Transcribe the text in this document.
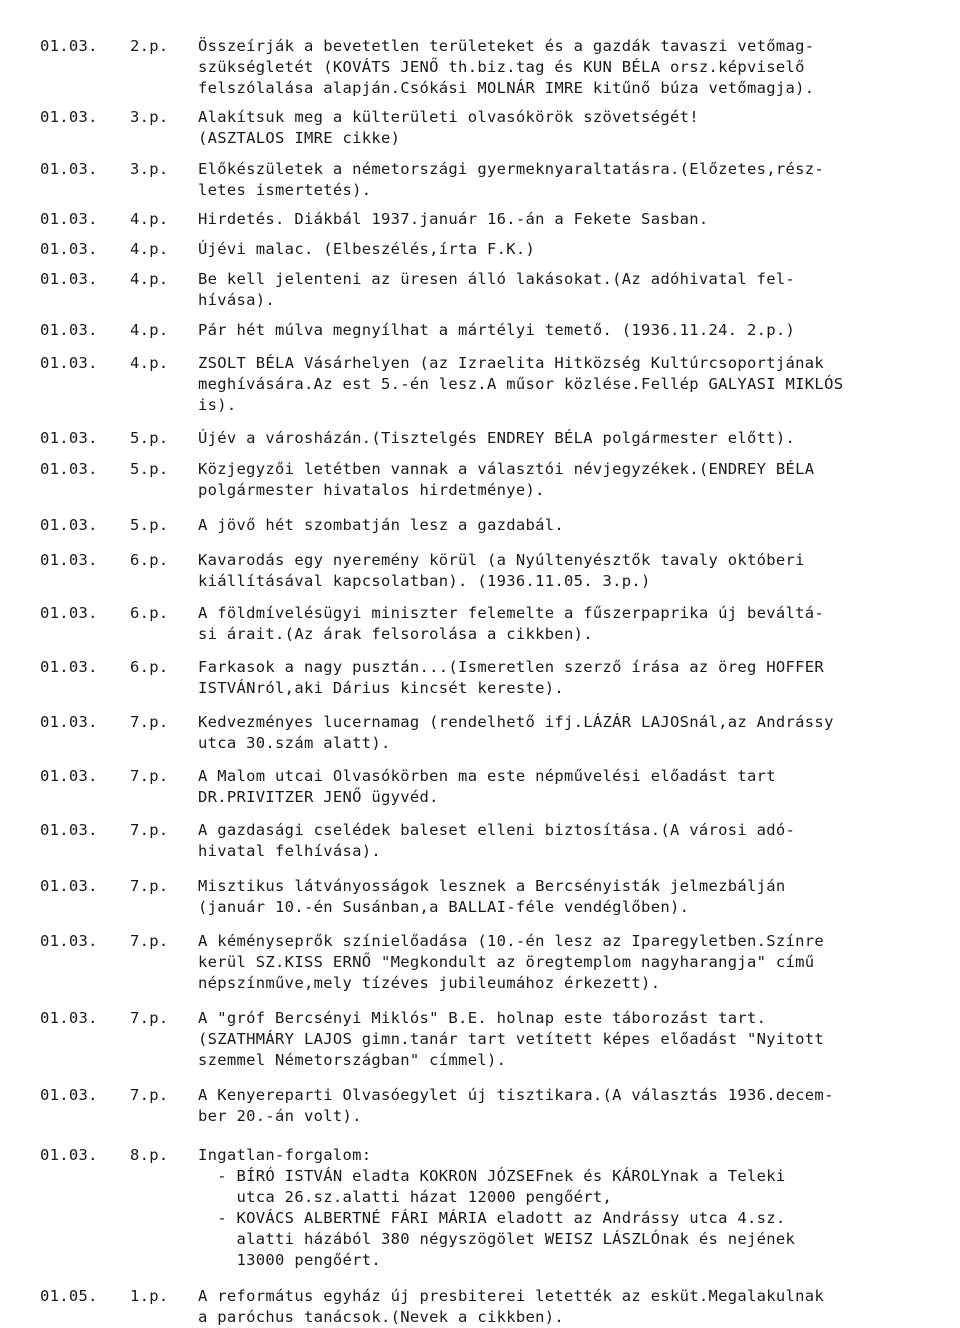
01.03. 2.p. Összeírják a bevetetlen területeket és a gazdák tavaszi vetőmag-
szükségletét (KOVÁTS JENŐ th.biz.tag és KUN BÉLA orsz.képviselő
felszólalása alapján.Csókási MOLNÁR IMRE kitűnő búza vetőmagja).
01.03. 3.p. Alakítsuk meg a külterületi olvasókörök szövetségét!
(ASZTALOS IMRE cikke)
01.03. 3.p. Előkészületek a németországi gyermeknyaraltatásra.(Előzetes,rész-
letes ismertetés).
01.03. 4.p. Hirdetés. Diákbál 1937.január 16.-án a Fekete Sasban.
01.03. 4.p. Újévi malac. (Elbeszélés,írta F.K.)
01.03. 4.p. Be kell jelenteni az üresen álló lakásokat.(Az adóhivatal fel-
hívása).
01.03. 4.p. Pár hét múlva megnyílhat a mártélyi temető. (1936.11.24. 2.p.)
01.03. 4.p. ZSOLT BÉLA Vásárhelyen (az Izraelita Hitközség Kultúrcsoportjának
meghívására.Az est 5.-én lesz.A műsor közlése.Fellép GALYASI MIKLÓS
is).
01.03. 5.p. Újév a városházán.(Tisztelgés ENDREY BÉLA polgármester előtt).
01.03. 5.p. Közjegyzői letétben vannak a választói névjegyzékek.(ENDREY BÉLA
polgármester hivatalos hirdetménye).
01.03. 5.p. A jövő hét szombatján lesz a gazdabál.
01.03. 6.p. Kavarodás egy nyeremény körül (a Nyúltenyésztők tavaly októberi
kiállításával kapcsolatban). (1936.11.05. 3.p.)
01.03. 6.p. A földmívelésügyi miniszter felemelte a fűszerpaprika új beváltá-
si árait.(Az árak felsorolása a cikkben).
01.03. 6.p. Farkasok a nagy pusztán...(Ismeretlen szerző írása az öreg HOFFER
ISTVÁNról,aki Dárius kincsét kereste).
01.03. 7.p. Kedvezményes lucernamag (rendelhető ifj.LÁZÁR LAJOSnál,az Andrássy
utca 30.szám alatt).
01.03. 7.p. A Malom utcai Olvasókörben ma este népművelési előadást tart
DR.PRIVITZER JENŐ ügyvéd.
01.03. 7.p. A gazdasági cselédek baleset elleni biztosítása.(A városi adó-
hivatal felhívása).
01.03. 7.p. Misztikus látványosságok lesznek a Bercsényisták jelmezbálján
(január 10.-én Susánban,a BALLAI-féle vendéglőben).
01.03. 7.p. A kéményseprők színielőadása (10.-én lesz az Iparegyletben.Színre
kerül SZ.KISS ERNŐ "Megkondult az öregtemplom nagyharangja" című
népszínműve,mely tízéves jubileumához érkezett).
01.03. 7.p. A "gróf Bercsényi Miklós" B.E. holnap este táborozást tart.
(SZATHMÁRY LAJOS gimn.tanár tart vetített képes előadást "Nyitott
szemmel Németországban" címmel).
01.03. 7.p. A Kenyereparti Olvasóegylet új tisztikara.(A választás 1936.decem-
ber 20.-án volt).
01.03. 8.p. Ingatlan-forgalom:
- BÍRÓ ISTVÁN eladta KOKRON JÓZSEFnek és KÁROLYnak a Teleki
utca 26.sz.alatti házat 12000 pengőért,
- KOVÁCS ALBERTNÉ FÁRI MÁRIA eladott az Andrássy utca 4.sz.
alatti házából 380 négyszögölet WEISZ LÁSZLÓnak és nejének
13000 pengőért.
01.05. 1.p. A református egyház új presbiterei letették az esküt.Megalakulnak
a paróchus tanácsok.(Nevek a cikkben).
